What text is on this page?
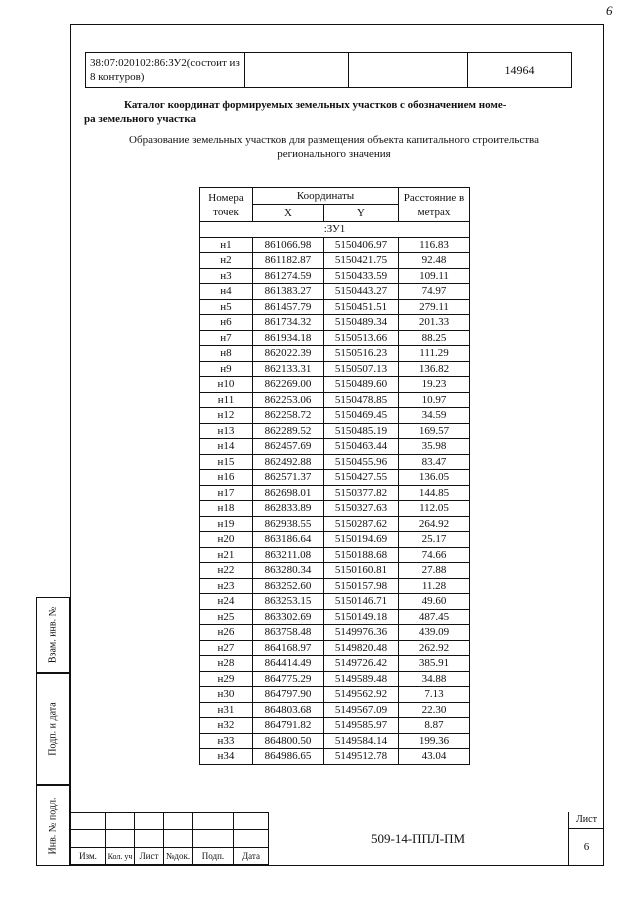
6
38:07:020102:86:ЗУ2(состоит из 8 контуров)			14964
Каталог координат формируемых земельных участков с обозначением номе-
ра земельного участка
Образование земельных участков для размещения объекта капитального строительства
регионального значения
Номера точек	Координаты		Расстояние в метрах
	X	Y	
:ЗУ1			
н1	861066.98	5150406.97	116.83
н2	861182.87	5150421.75	92.48
н3	861274.59	5150433.59	109.11
н4	861383.27	5150443.27	74.97
н5	861457.79	5150451.51	279.11
н6	861734.32	5150489.34	201.33
н7	861934.18	5150513.66	88.25
н8	862022.39	5150516.23	111.29
н9	862133.31	5150507.13	136.82
н10	862269.00	5150489.60	19.23
н11	862253.06	5150478.85	10.97
н12	862258.72	5150469.45	34.59
н13	862289.52	5150485.19	169.57
н14	862457.69	5150463.44	35.98
н15	862492.88	5150455.96	83.47
н16	862571.37	5150427.55	136.05
н17	862698.01	5150377.82	144.85
н18	862833.89	5150327.63	112.05
н19	862938.55	5150287.62	264.92
н20	863186.64	5150194.69	25.17
н21	863211.08	5150188.68	74.66
н22	863280.34	5150160.81	27.88
н23	863252.60	5150157.98	11.28
н24	863253.15	5150146.71	49.60
н25	863302.69	5150149.18	487.45
н26	863758.48	5149976.36	439.09
н27	864168.97	5149820.48	262.92
н28	864414.49	5149726.42	385.91
н29	864775.29	5149589.48	34.88
н30	864797.90	5149562.92	7.13
н31	864803.68	5149567.09	22.30
н32	864791.82	5149585.97	8.87
н33	864800.50	5149584.14	199.36
н34	864986.65	5149512.78	43.04
Взам. инв. №
Подп. и дата
Инв. № подл.

Изм.	Кол. уч	Лист	№док.	Подп.	Дата
509-14-ППЛ-ПМ
Лист
6
